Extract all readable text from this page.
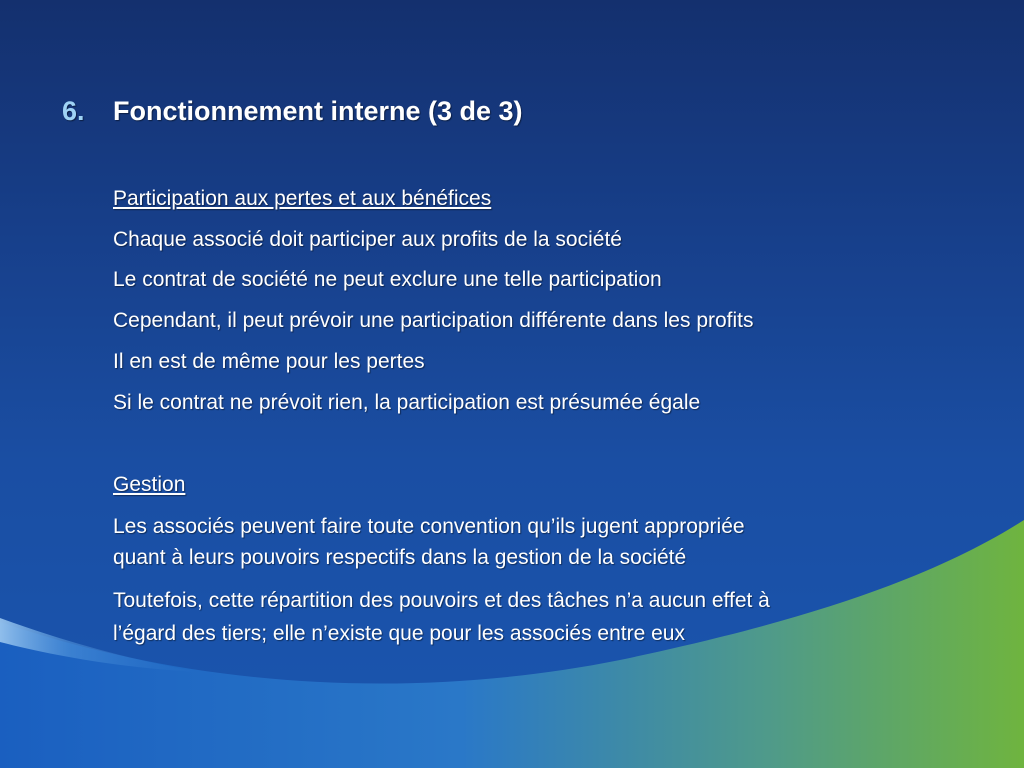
6. Fonctionnement interne (3 de 3)
Participation aux pertes et aux bénéfices
Chaque associé doit participer aux profits de la société
Le contrat de société ne peut exclure une telle participation
Cependant, il peut prévoir une participation différente dans les profits
Il en est de même pour les pertes
Si le contrat ne prévoit rien, la participation est présumée égale
Gestion
Les associés peuvent faire toute convention qu’ils jugent appropriée
quant à leurs pouvoirs respectifs dans la gestion de la société
Toutefois, cette répartition des pouvoirs et des tâches n’a aucun effet à
l’égard des tiers; elle n’existe que pour les associés entre eux
